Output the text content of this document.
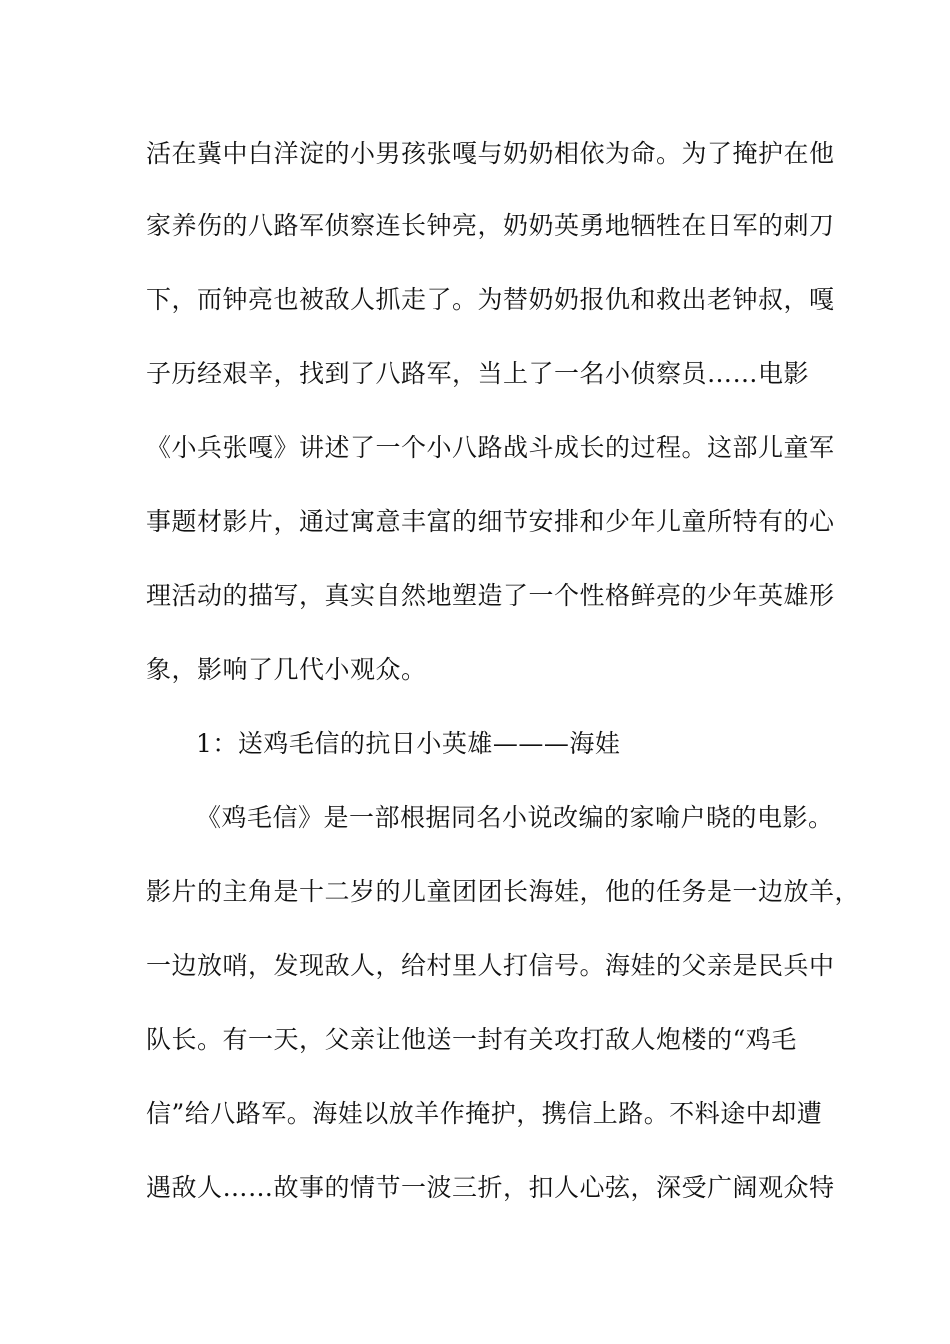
活在冀中白洋淀的小男孩张嘎与奶奶相依为命。为了掩护在他
家养伤的八路军侦察连长钟亮，奶奶英勇地牺牲在日军的刺刀
下，而钟亮也被敌人抓走了。为替奶奶报仇和救出老钟叔，嘎
子历经艰辛，找到了八路军，当上了一名小侦察员……电影
《小兵张嘎》讲述了一个小八路战斗成长的过程。这部儿童军
事题材影片，通过寓意丰富的细节安排和少年儿童所特有的心
理活动的描写，真实自然地塑造了一个性格鲜亮的少年英雄形
象，影响了几代小观众。
1：送鸡毛信的抗日小英雄———海娃
《鸡毛信》是一部根据同名小说改编的家喻户晓的电影。
影片的主角是十二岁的儿童团团长海娃，他的任务是一边放羊，
一边放哨，发现敌人，给村里人打信号。海娃的父亲是民兵中
队长。有一天，父亲让他送一封有关攻打敌人炮楼的“鸡毛
信”给八路军。海娃以放羊作掩护，携信上路。不料途中却遭
遇敌人……故事的情节一波三折，扣人心弦，深受广阔观众特
